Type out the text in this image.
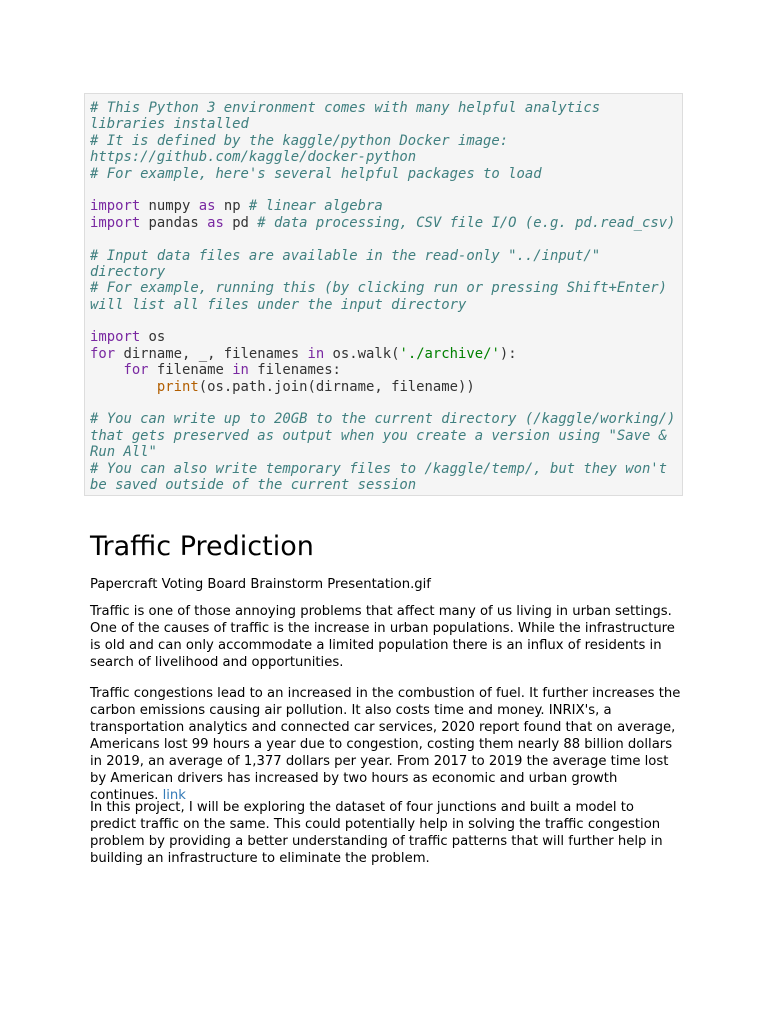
# This Python 3 environment comes with many helpful analytics
libraries installed
# It is defined by the kaggle/python Docker image:
https://github.com/kaggle/docker-python
# For example, here's several helpful packages to load
import numpy as np # linear algebra
import pandas as pd # data processing, CSV file I/O (e.g. pd.read_csv)
# Input data files are available in the read-only "../input/"
directory
# For example, running this (by clicking run or pressing Shift+Enter)
will list all files under the input directory
import os
for dirname, _, filenames in os.walk('./archive/'):
for filename in filenames:
print(os.path.join(dirname, filename))
# You can write up to 20GB to the current directory (/kaggle/working/)
that gets preserved as output when you create a version using "Save &
Run All"
# You can also write temporary files to /kaggle/temp/, but they won't
be saved outside of the current session
Traffic Prediction

Papercraft Voting Board Brainstorm Presentation.gif

Traffic is one of those annoying problems that affect many of us living in urban settings. One of the causes of traffic is the increase in urban populations. While the infrastructure is old and can only accommodate a limited population there is an influx of residents in search of livelihood and opportunities.

Traffic congestions lead to an increased in the combustion of fuel. It further increases the carbon emissions causing air pollution. It also costs time and money. INRIX's, a transportation analytics and connected car services, 2020 report found that on average, Americans lost 99 hours a year due to congestion, costing them nearly 88 billion dollars in 2019, an average of 1,377 dollars per year. From 2017 to 2019 the average time lost by American drivers has increased by two hours as economic and urban growth continues. link

In this project, I will be exploring the dataset of four junctions and built a model to predict traffic on the same. This could potentially help in solving the traffic congestion problem by providing a better understanding of traffic patterns that will further help in building an infrastructure to eliminate the problem.
